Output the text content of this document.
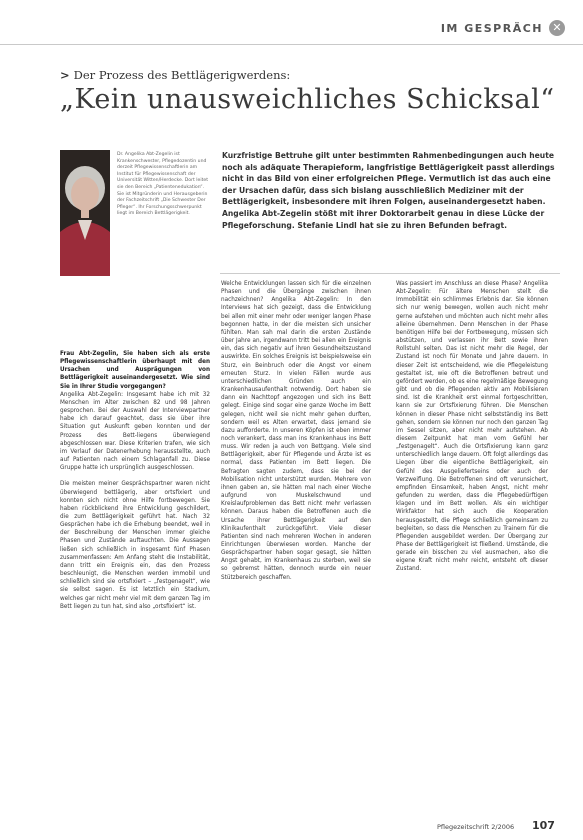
IM GESPRÄCH ✕
> Der Prozess des Bettlägerigwerdens:
„Kein unausweichliches Schicksal“
Dr. Angelika Abt-Zegelin ist Krankenschwester, Pflegedozentin und derzeit Pflegewissenschaftlerin am Institut für Pflegewissenschaft der Universität Witten/Herdecke. Dort leitet sie den Bereich „Patientenedukation“. Sie ist Mitgründerin und Herausgeberin der Fachzeitschrift „Die Schwester Der Pfleger“. Ihr Forschungsschwerpunkt liegt im Bereich Bettlägerigkeit.
Kurzfristige Bettruhe gilt unter bestimmten Rahmenbedingungen auch heute noch als adäquate Therapieform, langfristige Bettlägerigkeit passt allerdings nicht in das Bild von einer erfolgreichen Pflege. Vermutlich ist das auch eine der Ursachen dafür, dass sich bislang ausschließlich Mediziner mit der Bettlägerigkeit, insbesondere mit ihren Folgen, auseinandergesetzt haben. Angelika Abt-Zegelin stößt mit ihrer Doktorarbeit genau in diese Lücke der Pflegeforschung. Stefanie Lindl hat sie zu ihren Befunden befragt.

Frau Abt-Zegelin, Sie haben sich als erste Pflegewissenschaftlerin überhaupt mit den Ursachen und Ausprägungen von Bettlägerigkeit auseinandergesetzt. Wie sind Sie in Ihrer Studie vorgegangen?

Angelika Abt-Zegelin: Insgesamt habe ich mit 32 Menschen im Alter zwischen 82 und 98 Jahren gesprochen. Bei der Auswahl der Interviewpartner habe ich darauf geachtet, dass sie über ihre Situation gut Auskunft geben konnten und der Prozess des Bett-liegens überwiegend abgeschlossen war. Diese Kriterien trafen, wie sich im Verlauf der Datenerhebung herausstellte, auch auf Patienten nach einem Schlaganfall zu. Diese Gruppe hatte ich ursprünglich ausgeschlossen.

Die meisten meiner Gesprächspartner waren nicht überwiegend bettlägerig, aber ortsfixiert und konnten sich nicht ohne Hilfe fortbewegen. Sie haben rückblickend ihre Entwicklung geschildert, die zum Bettlägerigkeit geführt hat. Nach 32 Gesprächen habe ich die Erhebung beendet, weil in der Beschreibung der Menschen immer gleiche Phasen und Zustände auftauchten. Die Aussagen ließen sich schließlich in insgesamt fünf Phasen zusammenfassen: Am Anfang steht die Instabilität, dann tritt ein Ereignis ein, das den Prozess beschleunigt, die Menschen werden immobil und schließlich sind sie ortsfixiert – „festgenagelt“, wie sie selbst sagen. Es ist letztlich ein Stadium, welches gar nicht mehr viel mit dem ganzen Tag im Bett liegen zu tun hat, sind also „ortsfixiert“ ist.

Welche Entwicklungen lassen sich für die einzelnen Phasen und die Übergänge zwischen ihnen nachzeichnen? Angelika Abt-Zegelin: In den Interviews hat sich gezeigt, dass die Entwicklung bei allen mit einer mehr oder weniger langen Phase begonnen hatte, in der die meisten sich unsicher fühlten. Man sah mal darin die ersten Zustände über Jahre an, irgendwann tritt bei allen ein Ereignis ein, das sich negativ auf ihren Gesundheitszustand auswirkte. Ein solches Ereignis ist beispielsweise ein Sturz, ein Beinbruch oder die Angst vor einem erneuten Sturz. In vielen Fällen wurde aus unterschiedlichen Gründen auch ein Krankenhausaufenthalt notwendig. Dort haben sie dann ein Nachttopf angezogen und sich ins Bett gelegt. Einige sind sogar eine ganze Woche im Bett gelegen, nicht weil sie nicht mehr gehen durften, sondern weil es Alten erwartet, dass jemand sie dazu aufforderte. In unseren Köpfen ist eben immer noch verankert, dass man ins Krankenhaus ins Bett muss. Wir reden ja auch von Bettgang. Viele sind Bettlägerigkeit, aber für Pflegende und Ärzte ist es normal, dass Patienten im Bett liegen. Die Befragten sagten zudem, dass sie bei der Mobilisation nicht unterstützt wurden. Mehrere von ihnen gaben an, sie hätten mal nach einer Woche aufgrund von Muskelschwund und Kreislaufproblemen das Bett nicht mehr verlassen können. Daraus haben die Betroffenen auch die Ursache ihrer Bettlägerigkeit auf den Klinikaufenthalt zurückgeführt. Viele dieser Patienten sind nach mehreren Wochen in anderen Einrichtungen überwiesen worden. Manche der Gesprächspartner haben sogar gesagt, sie hätten Angst gehabt, im Krankenhaus zu sterben, weil sie so gebremst hätten, dennoch wurde ein neuer Stützbereich geschaffen.

Was passiert im Anschluss an diese Phase? Angelika Abt-Zegelin: Für ältere Menschen stellt die Immobilität ein schlimmes Erlebnis dar. Sie können sich nur wenig bewegen, wollen auch nicht mehr gerne aufstehen und möchten auch nicht mehr alles alleine übernehmen. Denn Menschen in der Phase benötigen Hilfe bei der Fortbewegung, müssen sich abstützen, und verlassen ihr Bett sowie ihren Rollstuhl selten. Das ist nicht mehr die Regel, der Zustand ist noch für Monate und Jahre dauern. In dieser Zeit ist entscheidend, wie die Pflegeleistung gestaltet ist, wie oft die Betroffenen betreut und gefördert werden, ob es eine regelmäßige Bewegung gibt und ob die Pflegenden aktiv am Mobilisieren sind. Ist die Krankheit erst einmal fortgeschritten, kann sie zur Ortsfixierung führen. Die Menschen können in dieser Phase nicht selbstständig ins Bett gehen, sondern sie können nur noch den ganzen Tag im Sessel sitzen, aber nicht mehr aufstehen. Ab diesem Zeitpunkt hat man vom Gefühl her „festgenagelt“. Auch die Ortsfixierung kann ganz unterschiedlich lange dauern. Oft folgt allerdings das Liegen über die eigentliche Bettlägerigkeit, ein Gefühl des Ausgeliefertseins oder auch der Verzweiflung. Die Betroffenen sind oft verunsichert, empfinden Einsamkeit, haben Angst, nicht mehr gefunden zu werden, dass die Pflegebedürftigen klagen und im Bett wollen. Als ein wichtiger Wirkfaktor hat sich auch die Kooperation herausgestellt, die Pflege schließlich gemeinsam zu begleiten, so dass die Menschen zu Trainern für die Pflegenden ausgebildet werden. Der Übergang zur Phase der Bettlägerigkeit ist fließend. Umstände, die gerade ein bisschen zu viel ausmachen, also die eigene Kraft nicht mehr reicht, entsteht oft dieser Zustand.

Pflegezeitschrift 2/2006 107
